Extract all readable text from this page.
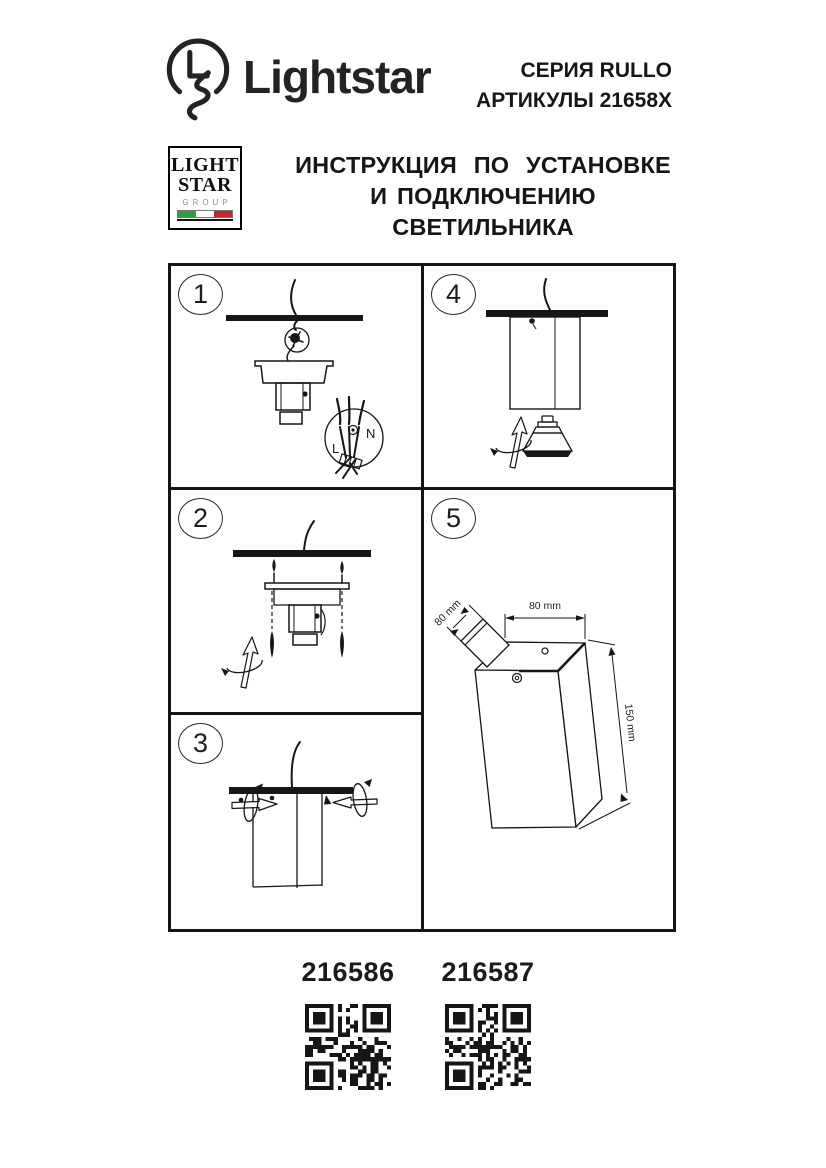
Lightstar	СЕРИЯ RULLO
АРТИКУЛЫ 21658X
LIGHT
STAR
GROUP
ИНСТРУКЦИЯ ПО УСТАНОВКЕ
И ПОДКЛЮЧЕНИЮ СВЕТИЛЬНИКА
1
L
N
2
3
4
5
80 mm
80 mm
150 mm
216586 216587
